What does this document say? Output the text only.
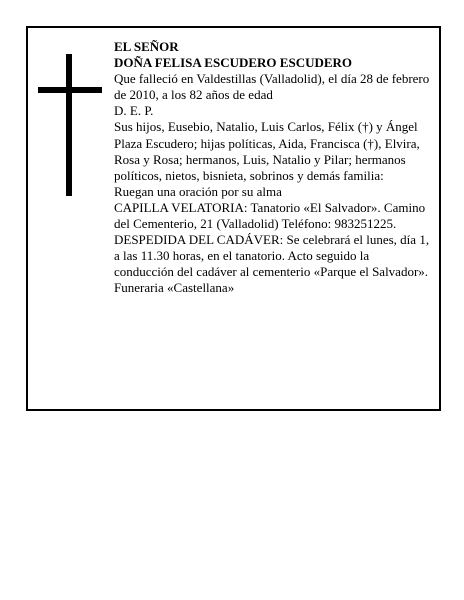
EL SEÑOR

DOÑA FELISA ESCUDERO ESCUDERO

Que falleció en Valdestillas (Valladolid), el día 28 de febrero de 2010, a los 82 años de edad

D. E. P.

Sus hijos, Eusebio, Natalio, Luis Carlos, Félix (†) y Ángel Plaza Escudero; hijas políticas, Aida, Francisca (†), Elvira, Rosa y Rosa; hermanos, Luis, Natalio y Pilar; hermanos políticos, nietos, bisnieta, sobrinos y demás familia:

Ruegan una oración por su alma

CAPILLA VELATORIA: Tanatorio «El Salvador». Camino del Cementerio, 21 (Valladolid) Teléfono: 983251225.

DESPEDIDA DEL CADÁVER: Se celebrará el lunes, día 1, a las 11.30 horas, en el tanatorio. Acto seguido la conducción del cadáver al cementerio «Parque el Salvador».

Funeraria «Castellana»
